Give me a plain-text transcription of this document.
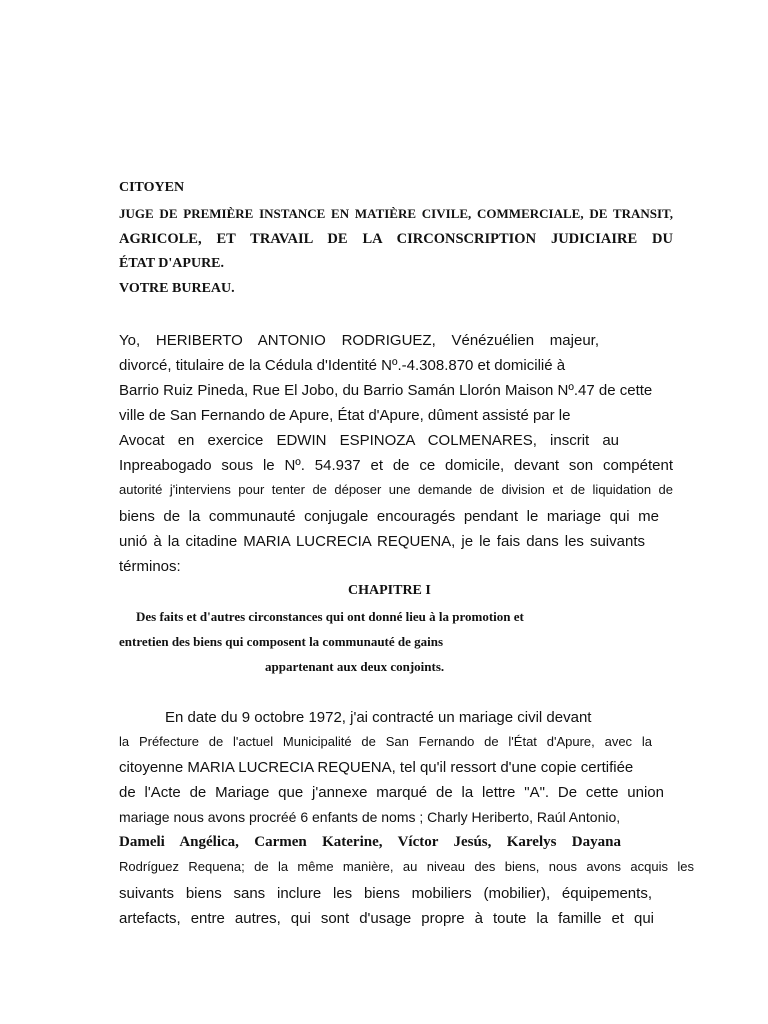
CITOYEN
JUGE DE PREMIÈRE INSTANCE EN MATIÈRE CIVILE, COMMERCIALE, DE TRANSIT,
AGRICOLE, ET TRAVAIL DE LA CIRCONSCRIPTION JUDICIAIRE DU
ÉTAT D'APURE.
VOTRE BUREAU.
Yo, HERIBERTO ANTONIO RODRIGUEZ, Vénézuélien majeur,
divorcé, titulaire de la Cédula d'Identité Nº.-4.308.870 et domicilié à
Barrio Ruiz Pineda, Rue El Jobo, du Barrio Samán Llorón Maison Nº.47 de cette
ville de San Fernando de Apure, État d'Apure, dûment assisté par le
Avocat en exercice EDWIN ESPINOZA COLMENARES, inscrit au
Inpreabogado sous le Nº. 54.937 et de ce domicile, devant son compétent
autorité j'interviens pour tenter de déposer une demande de division et de liquidation de
biens de la communauté conjugale encouragés pendant le mariage qui me
unió à la citadine MARIA LUCRECIA REQUENA, je le fais dans les suivants
términos:
CHAPITRE I
Des faits et d'autres circonstances qui ont donné lieu à la promotion et
entretien des biens qui composent la communauté de gains
appartenant aux deux conjoints.
En date du 9 octobre 1972, j'ai contracté un mariage civil devant
la Préfecture de l'actuel Municipalité de San Fernando de l'État d'Apure, avec la
citoyenne MARIA LUCRECIA REQUENA, tel qu'il ressort d'une copie certifiée
de l'Acte de Mariage que j'annexe marqué de la lettre "A". De cette union
mariage nous avons procréé 6 enfants de noms ; Charly Heriberto, Raúl Antonio,
Dameli Angélica, Carmen Katerine, Víctor Jesús, Karelys Dayana
Rodríguez Requena; de la même manière, au niveau des biens, nous avons acquis les
suivants biens sans inclure les biens mobiliers (mobilier), équipements,
artefacts, entre autres, qui sont d'usage propre à toute la famille et qui
